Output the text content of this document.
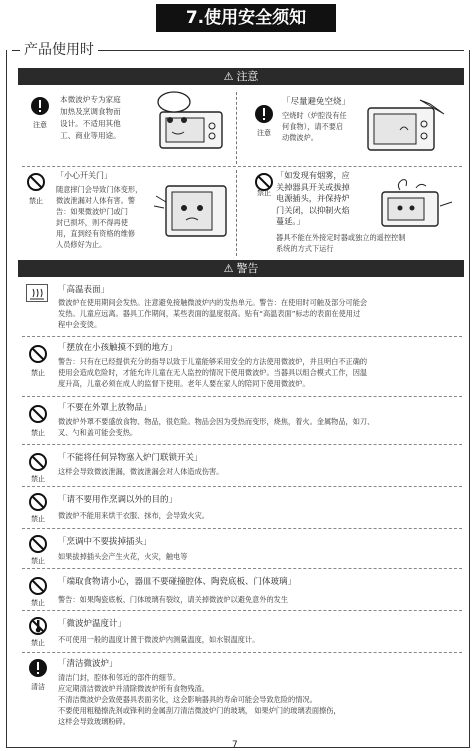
7.使用安全须知
产品使用时
⚠ 注意
注意
本微波炉专为家庭
加热及烹调食物而
设计。不适用其他
工、商业等用途。	注意
「尽量避免空烧」
空烧时（炉腔没有任
何食物），请不要启
动微波炉。
「小心开关门」
禁止
随意摔门会导致门体变形，
微波泄漏对人体有害。警
告：如果微波炉门或门
封已损坏，则不得再使
用，直到经有资格的维修
人员修好为止。
禁止
「如发现有烟雾，应
关掉器具开关或拔掉
电源插头，并保持炉
门关闭，以抑制火焰
蔓延。」
器具不能在外接定时器或独立的遥控控制
系统的方式下运行
⚠ 警告
「高温表面」
微波炉在使用期间会发热。注意避免接触微波炉内的发热单元。警告：在使用时可触及部分可能会
发热。儿童应远离。器具工作期间，某些表面的温度很高。贴有“高温表面”标志的表面在使用过
程中会变烫。
禁止
「摆放在小孩触摸不到的地方」
警告：只有在已经提供充分的指导以致于儿童能够采用安全的方法使用微波炉，并且明白不正确的
使用会造成危险时，才能允许儿童在无人监控的情况下使用微波炉。当器具以组合模式工作，因温
度升高，儿童必须在成人的监督下使用。老年人要在家人的陪同下使用微波炉。
禁止
「不要在外罩上放物品」
微波炉外罩不要盛放食物、物品，很危险。物品会因为受热而变形，烧焦，着火。金属物品，如刀、
叉、勺和盖可能会变热。
禁止
「不能将任何异物塞入炉门联锁开关」
这样会导致微波泄漏，微波泄漏会对人体造成伤害。
禁止
「请不要用作烹调以外的目的」
微波炉不能用来烘干衣服、抹布，会导致火灾。
禁止
「烹调中不要拔掉插头」
如果拔掉插头会产生火花，火灾，触电等
禁止
「端取食物请小心，器皿不要碰撞腔体、陶瓷底板、门体玻璃」
警告：如果陶瓷底板、门体玻璃有裂纹，请关掉微波炉以避免意外的发生
禁止
「微波炉温度计」
不可使用一般的温度计置于微波炉内测量温度，如水银温度计。
清洁
「清洁微波炉」
清洁门封，腔体和邻近的部件的细节。
应定期清洁微波炉并清除微波炉所有食物残渣。
不清洁微波炉会致使器具表面劣化，这会影响器具的寿命可能会导致危险的情况。
不要使用粗糙擦洗剂或锋利的金属刮刀清洁微波炉门的玻璃， 如果炉门的玻璃表面擦伤，
这样会导致玻璃粉碎。
7
